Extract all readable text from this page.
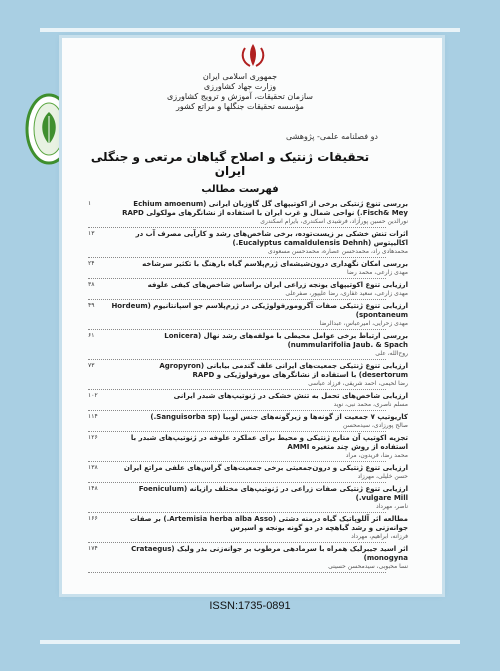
جمهوری اسلامی ایران
وزارت جهاد کشاورزی
سازمان تحقیقات، آموزش و ترویج کشاورزی
مؤسسه تحقیقات جنگلها و مراتع کشور
دو فصلنامه علمی- پژوهشی
تحقیقات ژنتیک و اصلاح گیاهان مرتعی و جنگلی ایران
فهرست مطالب
۱	بررسی تنوع ژنتیکی برخی از اکوتیپهای گل گاوزبان ایرانی (Echium amoenum Fisch& Mey.) نواحی شمال و غرب ایران با استفاده از نشانگرهای مولکولی RAPD
نورالدین حسین پورآزاد، فرشیدی اسکندری، بایرام اسکندری
۱۳	اثرات تنش خشکی بر زیست‌توده، برخی شاخص‌های رشد و کارآیی مصرف آب در اکالیپتوس (Eucalyptus camaldulensis Dehnh.)
محمدهادی راد، محمدحسن عصاره، محمدحسن مسعودی
۲۴	بررسی امکان نگهداری درون‌شیشه‌ای ژرم‌پلاسم گیاه بارهنگ با تکثیر سرشاخه
مهدی زارعی، محمد رضا
۳۸	ارزیابی تنوع اکوتیپهای یونجه زراعی ایران براساس شاخص‌های کیفی علوفه
مهدی زارعی، سعید غفاری، رضا علیپور، صفرعلی
۴۹	ارزیابی تنوع ژنتیکی صفات آگرومورفولوژیکی در ژرم‌پلاسم جو اسپانتانیوم (Hordeum spontaneum)
مهدی زحرایی، امیرعباس، عبدالرضا
۶۱	بررسی ارتباط برخی عوامل محیطی با مولفه‌های رشد نهال (Lonicera nummularifolia Jaub. & Spach)
روح‌الله، علی
۷۳	ارزیابی تنوع ژنتیکی جمعیت‌های ایرانی علف گندمی بیابانی (Agropyron desertorum) با استفاده از نشانگرهای مورفولوژیکی و RAPD
رضا لحیمی، احمد شریفی، فرزاد عباسی
۱۰۲	ارزیابی شاخص‌های تحمل به تنش خشکی در ژنوتیپ‌های شبدر ایرانی
مسلم ناصری، محمد نبی، نوید
۱۱۴	کاریوتیپ ۷ جمعیت از گونه‌ها و زیرگونه‌های جنس لوبیا (Sanguisorba sp.)
صالح پورزادی، سیدمحسن
۱۲۶	تجزیه اکوتیپ آن منابع ژنتیکی و محیط برای عملکرد علوفه در ژنوتیپ‌های شبدر با استفاده از روش چند متغیره AMMI
محمد رضا، فریدون، مراد
۱۳۸	ارزیابی تنوع ژنتیکی و درون‌جمعیتی برخی جمعیت‌های گراس‌های علفی مراتع ایران
حسن خلیلی، مهرزاد
۱۴۸	ارزیابی تنوع ژنتیکی صفات زراعی در ژنوتیپ‌های مختلف رازیانه (Foeniculum vulgare Mill.)
ناصر، مهرداد
۱۶۶	مطالعه اثر آللوپاتیک گیاه درمنه دشتی (Artemisia herba alba Asso.) بر صفات جوانه‌زنی و رشد گیاهچه در دو گونه یونجه و اسپرس
فرزانه، ابراهیم، مهرداد
۱۷۴	اثر اسید جیبرلیک همراه با سرمادهی مرطوب بر جوانه‌زنی بذر ولیک (Crataegus monogyna)
نسا محبوبی، سیدمحسن حسینی
ISSN:1735-0891
